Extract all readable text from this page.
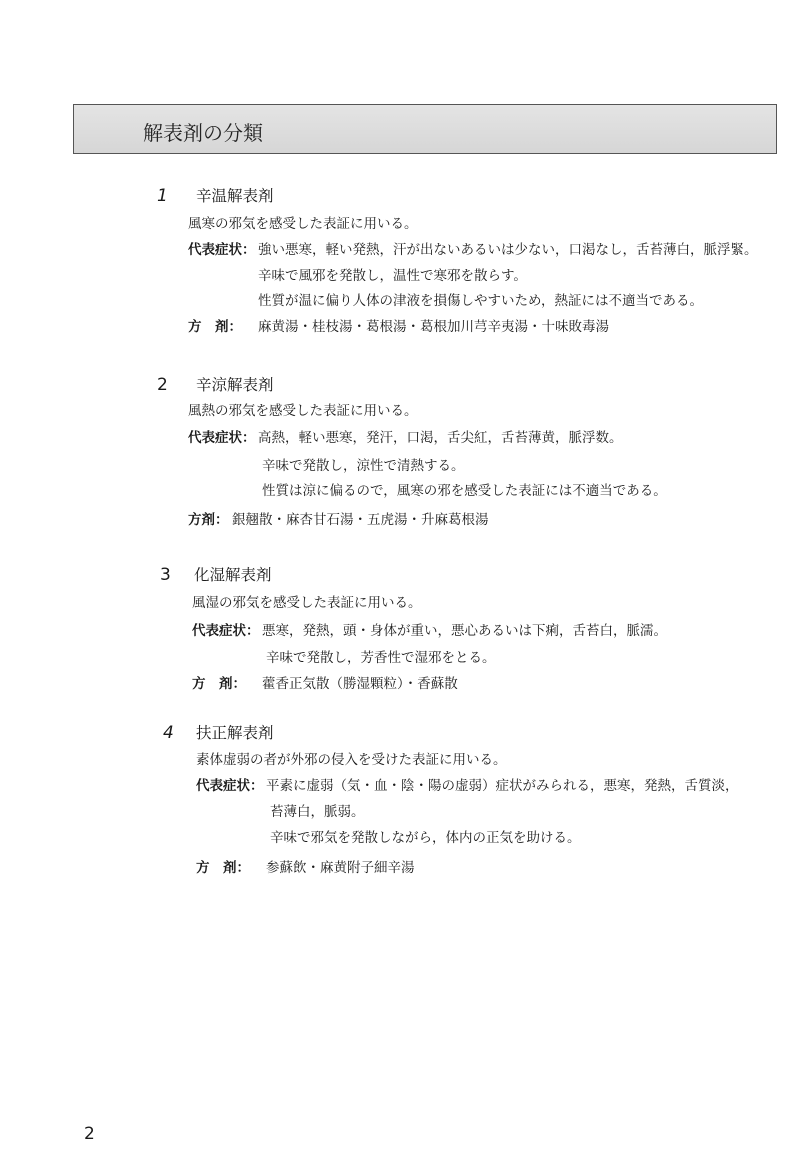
解表剤の分類
1 辛温解表剤
風寒の邪気を感受した表証に用いる。
代表症状： 強い悪寒，軽い発熱，汗が出ないあるいは少ない，口渇なし，舌苔薄白，脈浮緊。
辛味で風邪を発散し，温性で寒邪を散らす。
性質が温に偏り人体の津液を損傷しやすいため，熱証には不適当である。
方　剤： 麻黄湯・桂枝湯・葛根湯・葛根加川芎辛夷湯・十味敗毒湯
2 辛涼解表剤
風熱の邪気を感受した表証に用いる。
代表症状： 高熱，軽い悪寒，発汗，口渇，舌尖紅，舌苔薄黄，脈浮数。
辛味で発散し，涼性で清熱する。
性質は涼に偏るので，風寒の邪を感受した表証には不適当である。
方剤： 銀翹散・麻杏甘石湯・五虎湯・升麻葛根湯
3 化湿解表剤
風湿の邪気を感受した表証に用いる。
代表症状： 悪寒，発熱，頭・身体が重い，悪心あるいは下痢，舌苔白，脈濡。
辛味で発散し，芳香性で湿邪をとる。
方　剤： 藿香正気散（勝湿顆粒）・香蘇散
4 扶正解表剤
素体虚弱の者が外邪の侵入を受けた表証に用いる。
代表症状： 平素に虚弱（気・血・陰・陽の虚弱）症状がみられる，悪寒，発熱，舌質淡，
苔薄白，脈弱。
辛味で邪気を発散しながら，体内の正気を助ける。
方　剤： 参蘇飲・麻黄附子細辛湯
2
